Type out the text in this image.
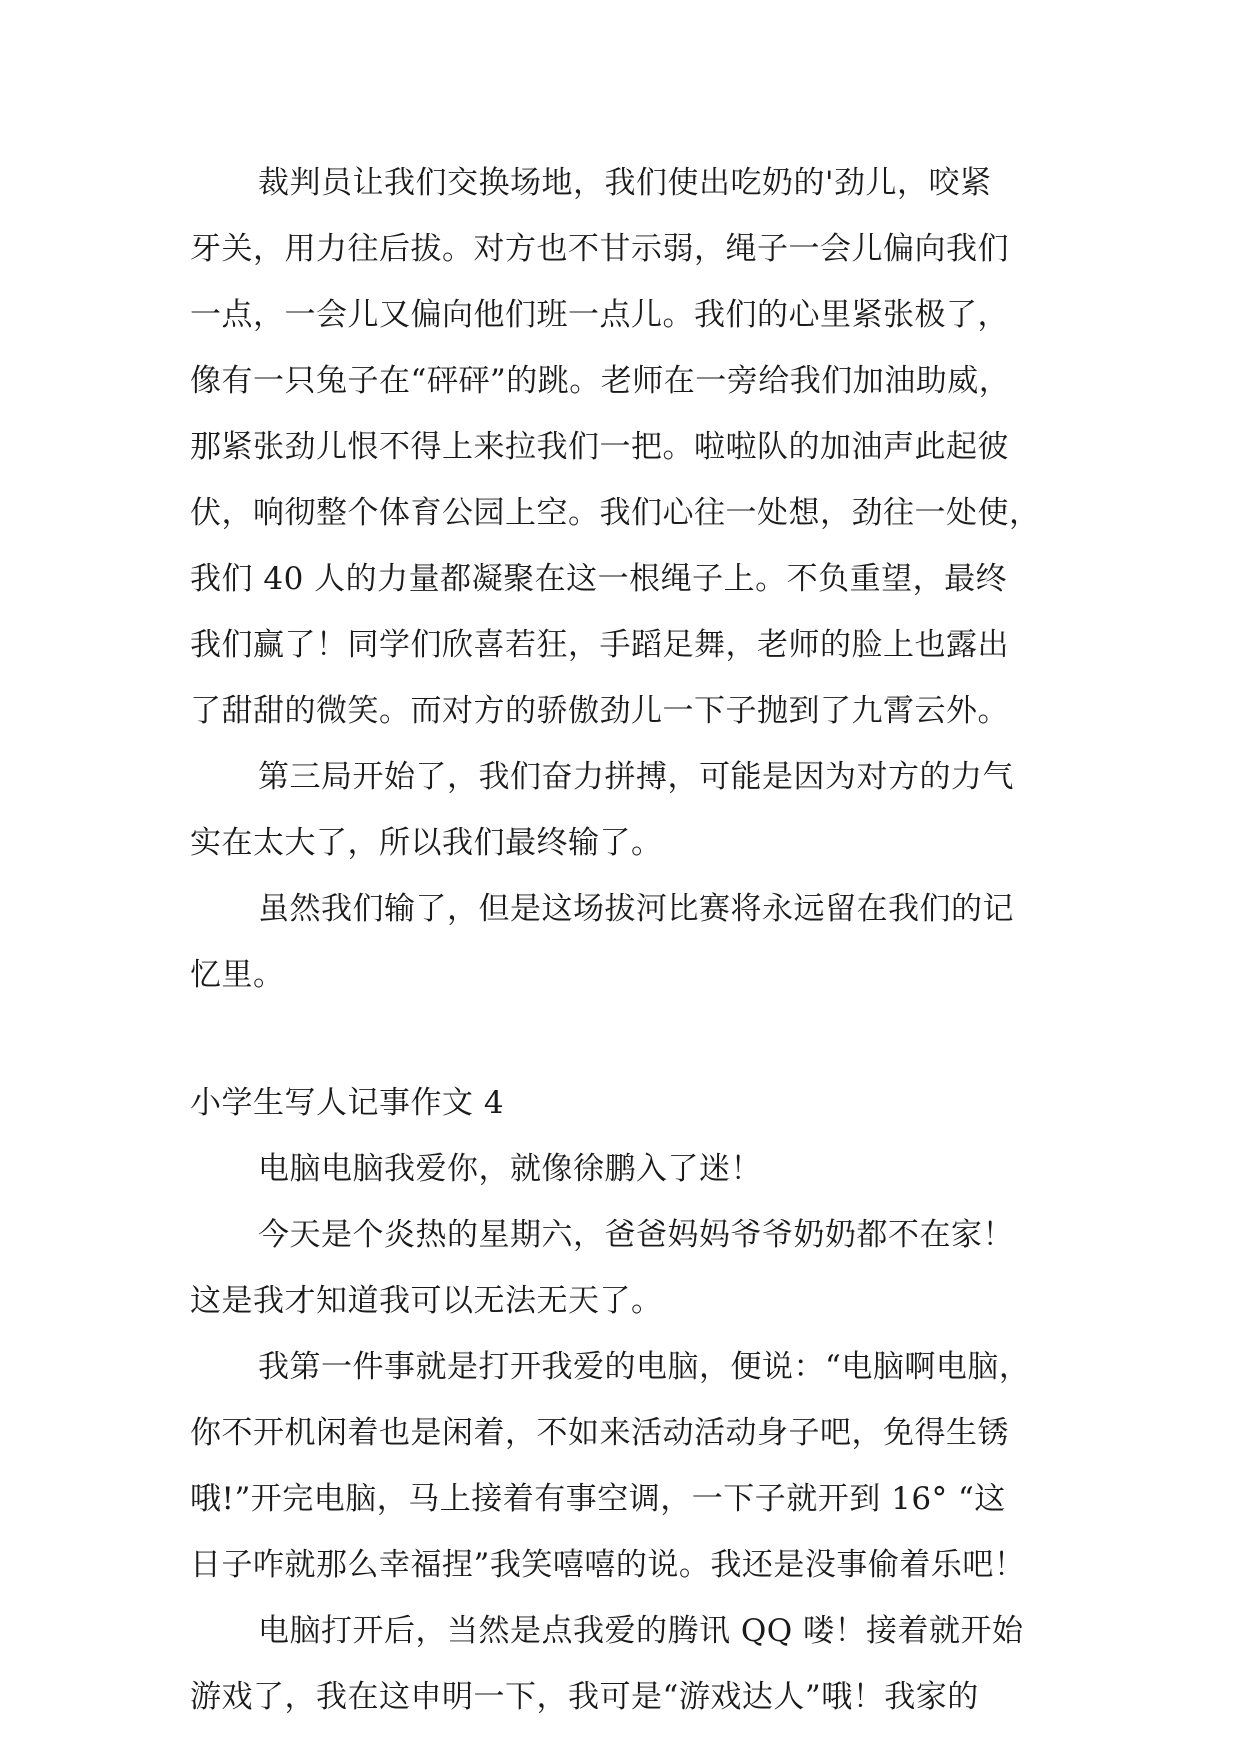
裁判员让我们交换场地，我们使出吃奶的'劲儿，咬紧
牙关，用力往后拔。对方也不甘示弱，绳子一会儿偏向我们
一点，一会儿又偏向他们班一点儿。我们的心里紧张极了，
像有一只兔子在“砰砰”的跳。老师在一旁给我们加油助威，
那紧张劲儿恨不得上来拉我们一把。啦啦队的加油声此起彼
伏，响彻整个体育公园上空。我们心往一处想，劲往一处使，
我们 40 人的力量都凝聚在这一根绳子上。不负重望，最终
我们赢了！同学们欣喜若狂，手蹈足舞，老师的脸上也露出
了甜甜的微笑。而对方的骄傲劲儿一下子抛到了九霄云外。
第三局开始了，我们奋力拼搏，可能是因为对方的力气
实在太大了，所以我们最终输了。
虽然我们输了，但是这场拔河比赛将永远留在我们的记
忆里。
小学生写人记事作文 4
电脑电脑我爱你，就像徐鹏入了迷！
今天是个炎热的星期六，爸爸妈妈爷爷奶奶都不在家！
这是我才知道我可以无法无天了。
我第一件事就是打开我爱的电脑，便说：“电脑啊电脑，
你不开机闲着也是闲着，不如来活动活动身子吧，免得生锈
哦!”开完电脑，马上接着有事空调，一下子就开到 16° “这
日子咋就那么幸福捏”我笑嘻嘻的说。我还是没事偷着乐吧！
电脑打开后，当然是点我爱的腾讯 QQ 喽！接着就开始
游戏了，我在这申明一下，我可是“游戏达人”哦！我家的
